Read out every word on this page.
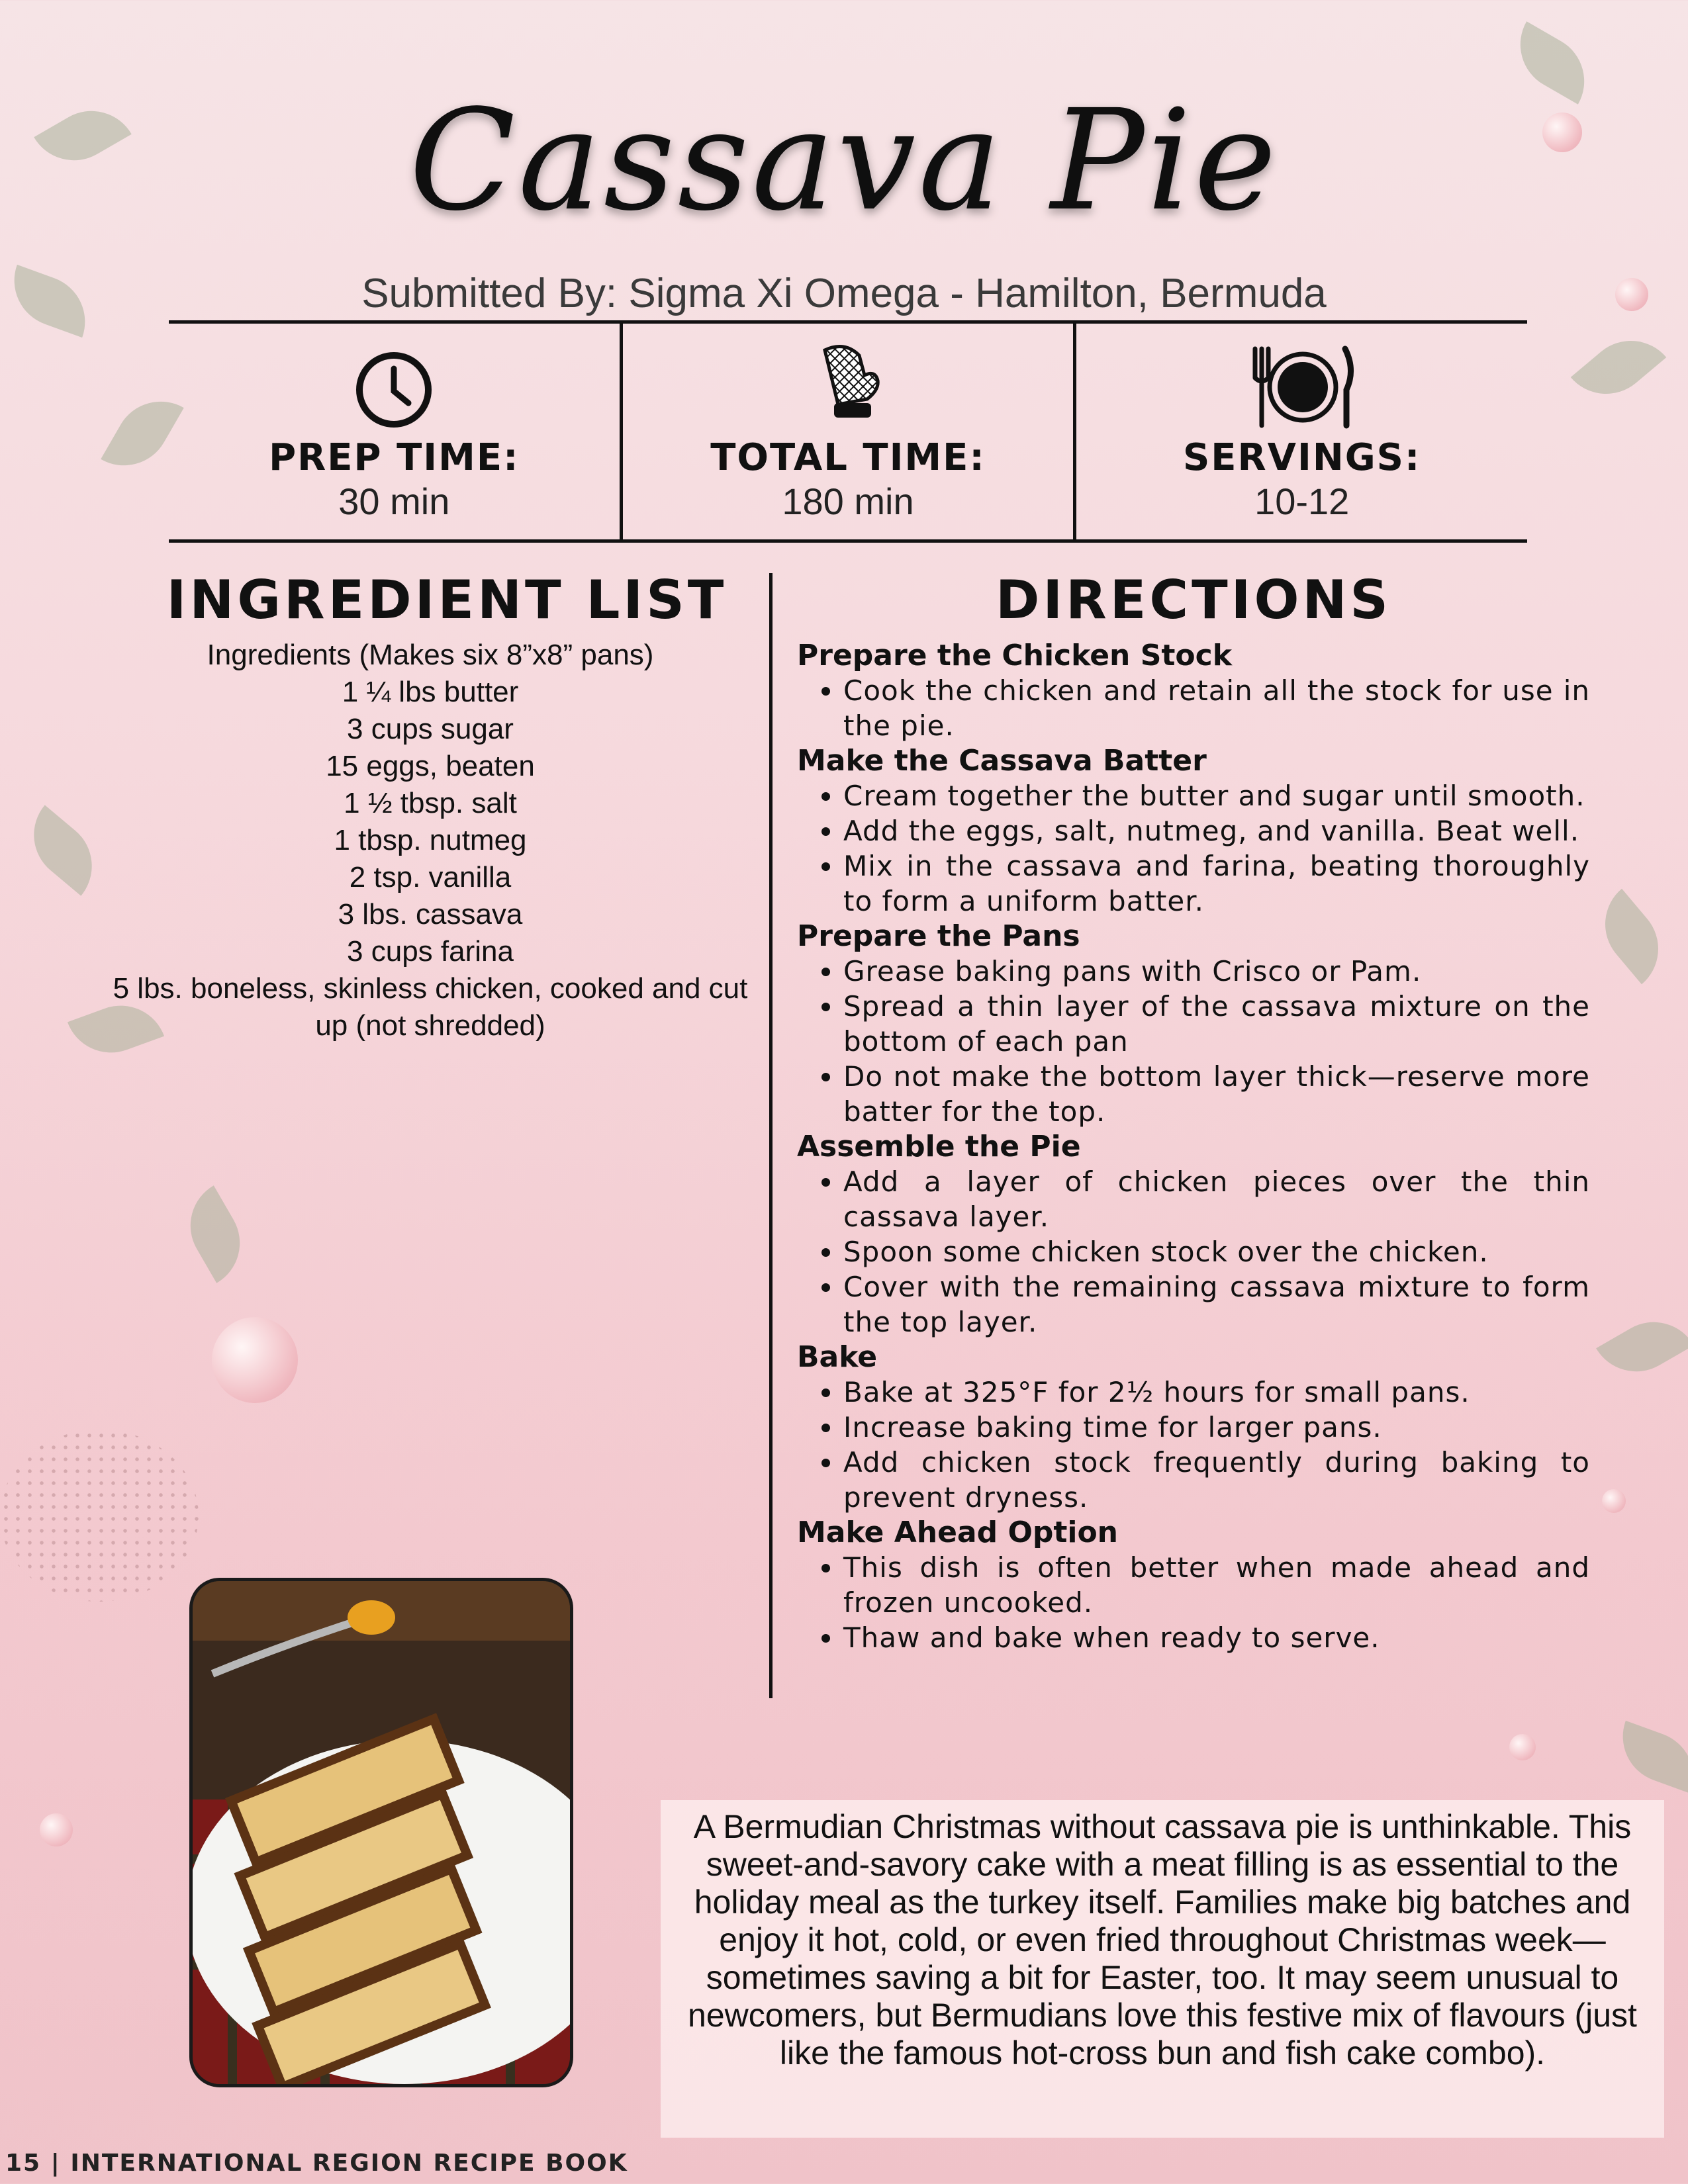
Cassava Pie
Submitted By: Sigma Xi Omega - Hamilton, Bermuda
PREP TIME:
30 min
TOTAL TIME:
180 min
SERVINGS:
10-12
INGREDIENT LIST	DIRECTIONS
Ingredients (Makes six 8”x8” pans)
1 ¼ lbs butter
3 cups sugar
15 eggs, beaten
1 ½ tbsp. salt
1 tbsp. nutmeg
2 tsp. vanilla
3 lbs. cassava
3 cups farina
5 lbs. boneless, skinless chicken, cooked and cut up (not shredded)
Prepare the Chicken Stock
• Cook the chicken and retain all the stock for use in the pie.
Make the Cassava Batter
• Cream together the butter and sugar until smooth.
• Add the eggs, salt, nutmeg, and vanilla. Beat well.
• Mix in the cassava and farina, beating thoroughly to form a uniform batter.
Prepare the Pans
• Grease baking pans with Crisco or Pam.
• Spread a thin layer of the cassava mixture on the bottom of each pan
• Do not make the bottom layer thick—reserve more batter for the top.
Assemble the Pie
• Add a layer of chicken pieces over the thin cassava layer.
• Spoon some chicken stock over the chicken.
• Cover with the remaining cassava mixture to form the top layer.
Bake
• Bake at 325°F for 2½ hours for small pans.
• Increase baking time for larger pans.
• Add chicken stock frequently during baking to prevent dryness.
Make Ahead Option
• This dish is often better when made ahead and frozen uncooked.
• Thaw and bake when ready to serve.

A Bermudian Christmas without cassava pie is unthinkable. This sweet-and-savory cake with a meat filling is as essential to the holiday meal as the turkey itself. Families make big batches and enjoy it hot, cold, or even fried throughout Christmas week—sometimes saving a bit for Easter, too. It may seem unusual to newcomers, but Bermudians love this festive mix of flavours (just like the famous hot-cross bun and fish cake combo).

15 | INTERNATIONAL REGION RECIPE BOOK
